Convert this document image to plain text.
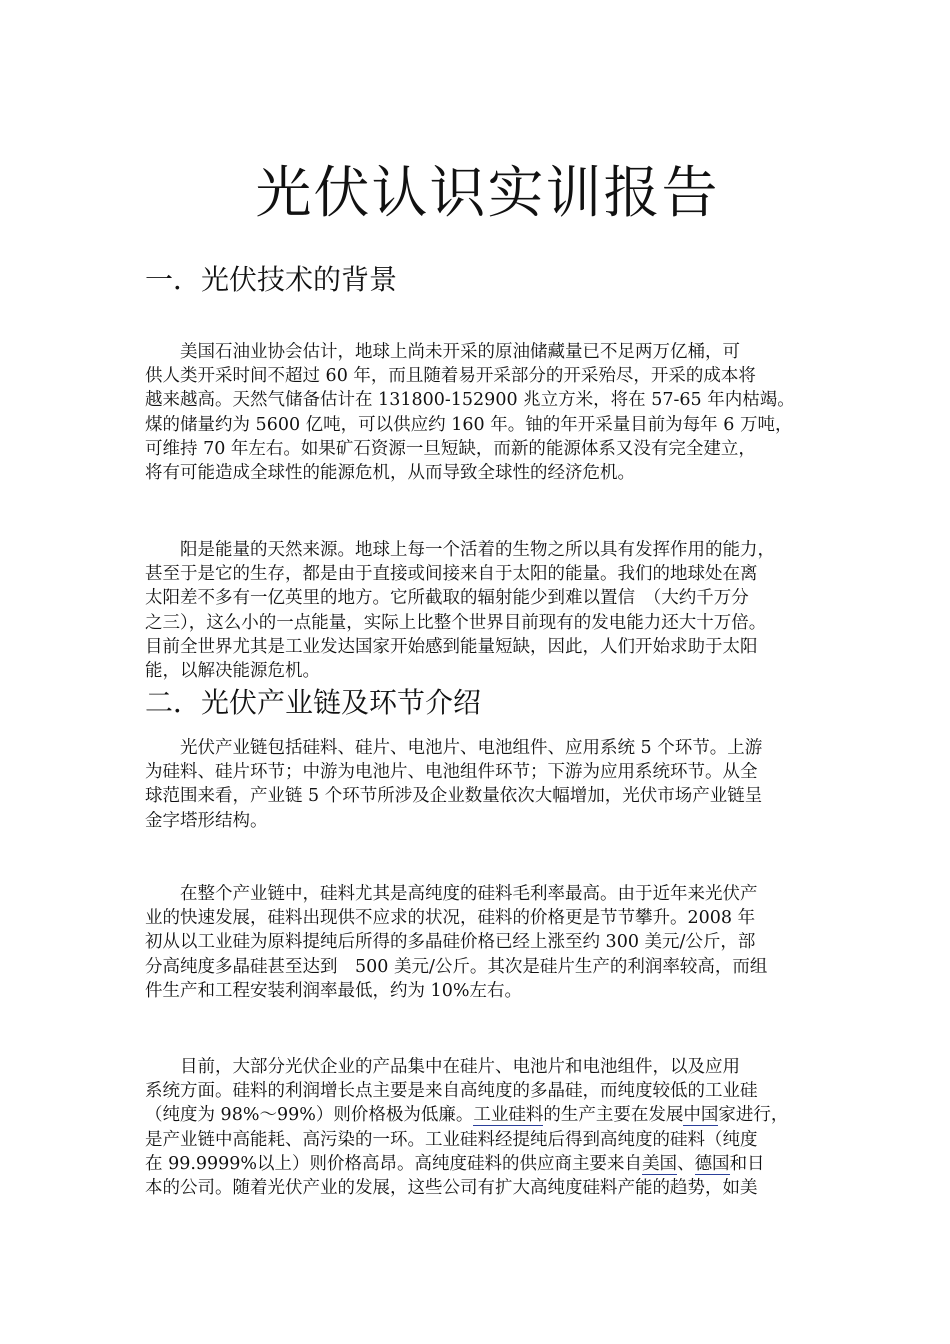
光伏认识实训报告
一．光伏技术的背景

　　美国石油业协会估计，地球上尚未开采的原油储藏量已不足两万亿桶，可
供人类开采时间不超过 60 年，而且随着易开采部分的开采殆尽，开采的成本将
越来越高。天然气储备估计在 131800-152900 兆立方米，将在 57-65 年内枯竭。
煤的储量约为 5600 亿吨，可以供应约 160 年。铀的年开采量目前为每年 6 万吨，
可维持 70 年左右。如果矿石资源一旦短缺，而新的能源体系又没有完全建立，
将有可能造成全球性的能源危机，从而导致全球性的经济危机。

　　阳是能量的天然来源。地球上每一个活着的生物之所以具有发挥作用的能力，
甚至于是它的生存，都是由于直接或间接来自于太阳的能量。我们的地球处在离
太阳差不多有一亿英里的地方。它所截取的辐射能少到难以置信　（大约千万分
之三），这么小的一点能量，实际上比整个世界目前现有的发电能力还大十万倍。
目前全世界尤其是工业发达国家开始感到能量短缺，因此，人们开始求助于太阳
能，以解决能源危机。

二．光伏产业链及环节介绍

　　光伏产业链包括硅料、硅片、电池片、电池组件、应用系统 5 个环节。上游
为硅料、硅片环节；中游为电池片、电池组件环节；下游为应用系统环节。从全
球范围来看，产业链 5 个环节所涉及企业数量依次大幅增加，光伏市场产业链呈
金字塔形结构。

　　在整个产业链中，硅料尤其是高纯度的硅料毛利率最高。由于近年来光伏产
业的快速发展，硅料出现供不应求的状况，硅料的价格更是节节攀升。2008 年
初从以工业硅为原料提纯后所得的多晶硅价格已经上涨至约 300 美元/公斤，部
分高纯度多晶硅甚至达到　500 美元/公斤。其次是硅片生产的利润率较高，而组
件生产和工程安装利润率最低，约为 10%左右。

　　目前，大部分光伏企业的产品集中在硅片、电池片和电池组件，以及应用
系统方面。硅料的利润增长点主要是来自高纯度的多晶硅，而纯度较低的工业硅
（纯度为 98%～99%）则价格极为低廉。工业硅料的生产主要在发展中国家进行，
是产业链中高能耗、高污染的一环。工业硅料经提纯后得到高纯度的硅料（纯度
在 99.9999%以上）则价格高昂。高纯度硅料的供应商主要来自美国、德国和日
本的公司。随着光伏产业的发展，这些公司有扩大高纯度硅料产能的趋势，如美
